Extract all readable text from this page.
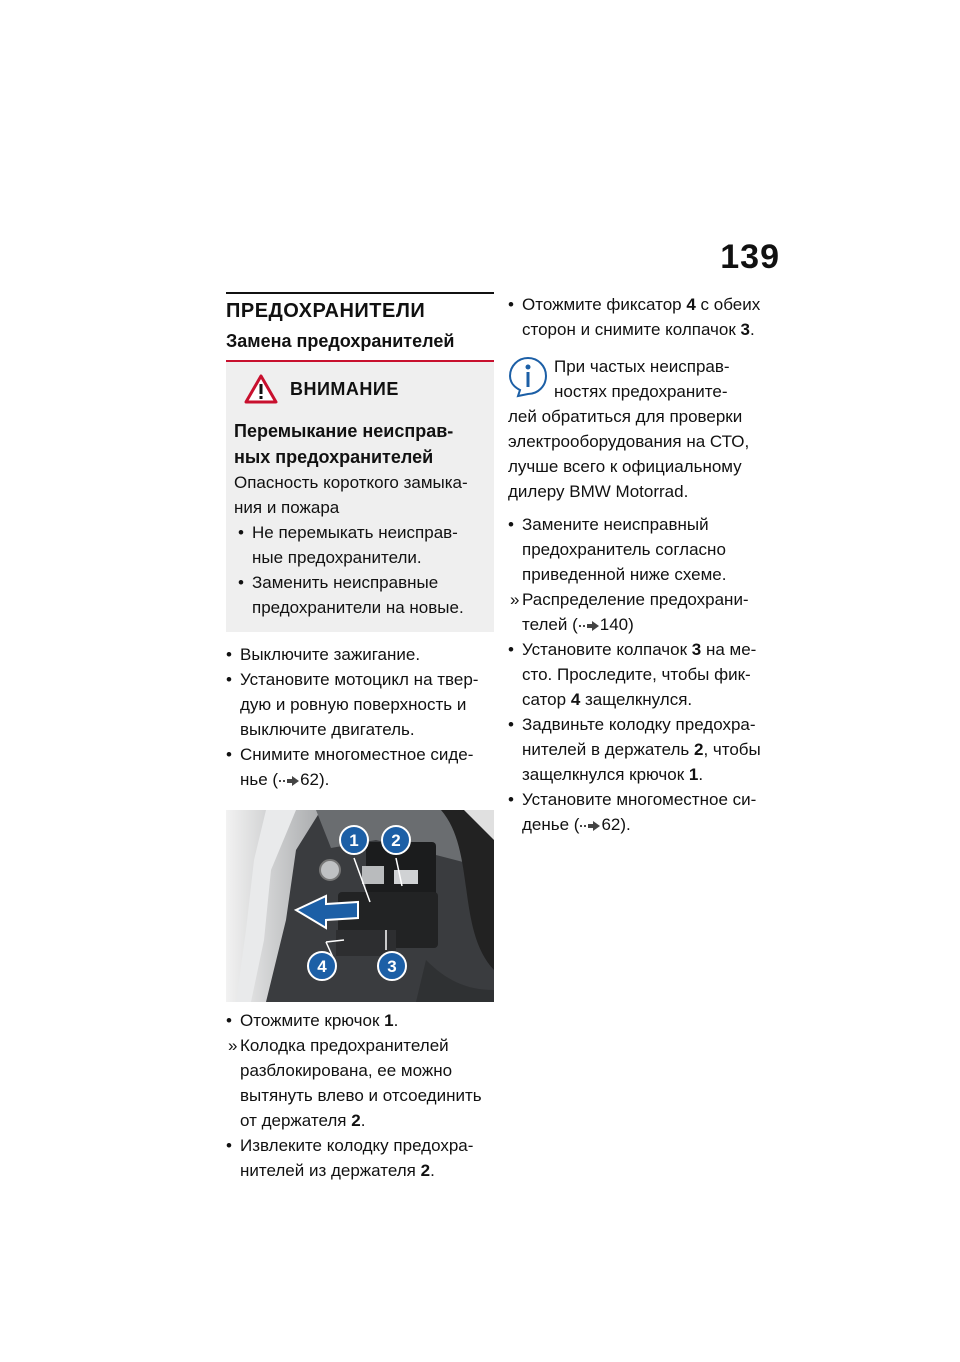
139
ПРЕДОХРАНИТЕЛИ
Замена предохранителей
ВНИМАНИЕ
Перемыкание неисправ-
ных предохранителей
Опасность короткого замыка-
ния и пожара
• Не перемыкать неисправ-
ные предохранители.
• Заменить неисправные
предохранители на новые.
• Выключите зажигание.
• Установите мотоцикл на твер-
дую и ровную поверхность и
выключите двигатель.
• Снимите многоместное сиде-
нье ( 62).
1 2
3
4
• Отожмите крючок 1.
» Колодка предохранителей
разблокирована, ее можно
вытянуть влево и отсоединить
от держателя 2.
• Извлеките колодку предохра-
нителей из держателя 2.
• Отожмите фиксатор 4 с обеих
сторон и снимите колпачок 3.

При частых неисправ-

ностях предохраните-

лей обратиться для проверки

электрооборудования на СТО,

лучше всего к официальному

дилеру BMW Motorrad.

• Замените неисправный
предохранитель согласно
приведенной ниже схеме.
» Распределение предохрани-
телей ( 140)
• Установите колпачок 3 на ме-
сто. Проследите, чтобы фик-
сатор 4 защелкнулся.
• Задвиньте колодку предохра-
нителей в держатель 2, чтобы
защелкнулся крючок 1.
• Установите многоместное си-
денье ( 62).
